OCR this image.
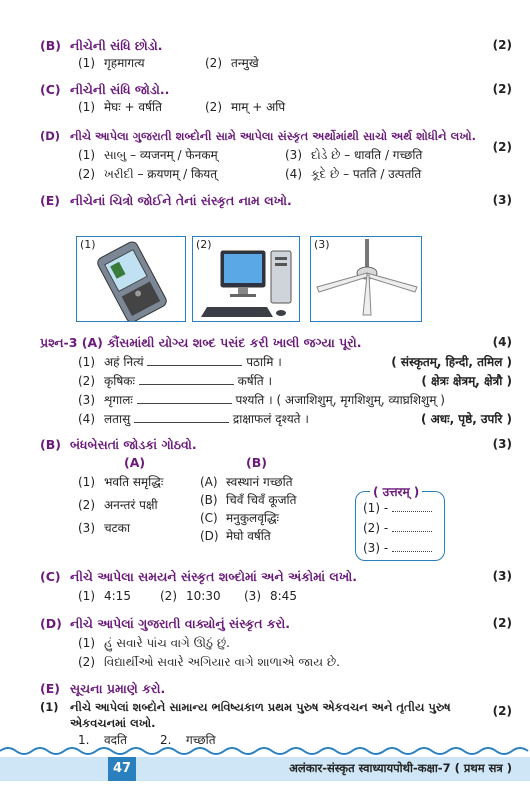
(B) નીચેની સંધિ છોડો.	(2)
(1) गृहमागत्य	(2) तन्मुखे
(C) નીચેની સંધિ જોડો..	(2)
(1) मेघः + वर्षति	(2) माम् + अपि
(D) નીચે આપેલા ગુજરાતી શબ્દોની સામે આપેલા સંસ્કૃત અર્થોમાંથી સાચો અર્થ શોધીને લખો.
(2)
(1) સાબુ – व्यजनम् / फेनकम्	(3) દોડે છે – धावति / गच्छति
(2) ખરીદી – क्रयणम् / कियत्	(4) કૂદે છે – पतति / उत्पतति
(E) નીચેનાં ચિત્રો જોઈને તેનાં સંસ્કૃત નામ લખો.	(3)
(1)	(2)	(3)
પ્રશ્ન-3 (A) કૌંસમાંથી યોગ્ય શબ્દ પસંદ કરી ખાલી જગ્યા પૂરો.	(4)
(1) अहं नित्यं	पठामि ।	( संस्कृतम्, हिन्दी, तमिल )
(2) कृषिकः	कर्षति ।	( क्षेत्रः क्षेत्रम्, क्षेत्रौ )
(3) शृगालः	पश्यति । ( अजाशिशुम्, मृगशिशुम्, व्याघ्रशिशुम् )
(4) लतासु	द्राक्षाफलं दृश्यते ।	( अधः, पृष्ठे, उपरि )
(B) બંધબેસતાં જોડકાં ગોઠવો.	(3)
(A)	(B)
(1) भवति समृद्धिः
(2) अनन्तरं पक्षी
(3) चटका
(A) स्वस्थानं गच्छति
(B) चिवँ चिवँ कूजति
(C) मनुकुलवृद्धिः
(D) मेघो वर्षति
( उत्तरम् )
(1) -
(2) -
(3) -
(C) નીચે આપેલા સમયને સંસ્કૃત શબ્દોમાં અને અંકોમાં લખો.	(3)
(1) 4:15 (2) 10:30 (3) 8:45
(D) નીચે આપેલાં ગુજરાતી વાક્યોનું સંસ્કૃત કરો.	(2)
(1) હું સવારે પાંચ વાગે ઊઠું છું.
(2) વિદ્યાર્થીઓ સવારે અગિયાર વાગે શાળાએ જાય છે.
(E) સૂચના પ્રમાણે કરો.
(1) નીચે આપેલાં શબ્દોને સામાન્ય ભવિષ્યકાળ પ્રથમ પુરુષ એકવચન અને તૃતીય પુરુષ	(2)
એકવચનમાં લખો.
1. वदति	2. गच्छति
47	अलंकार-संस्कृत स्वाध्यायपोथी-कक्षा-7 ( प्रथम सत्र )
